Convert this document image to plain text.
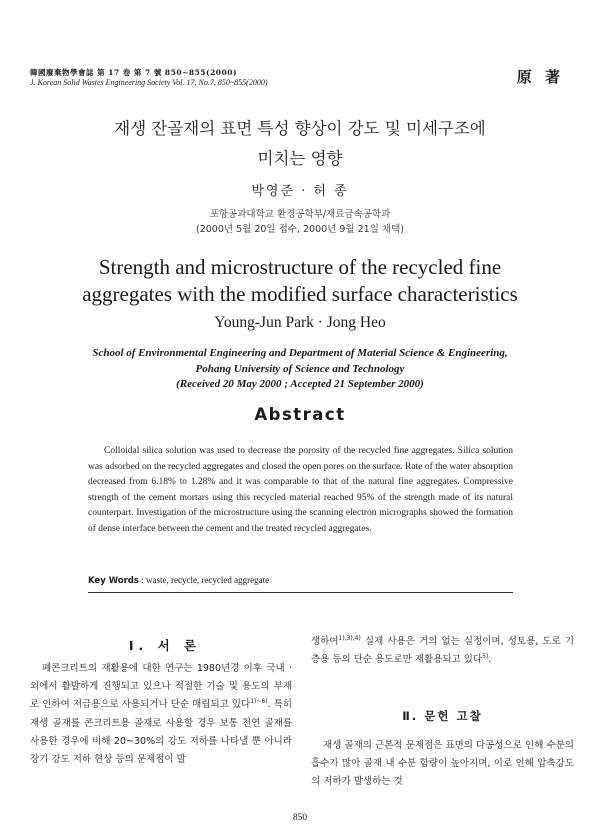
韓國廢棄物學會誌 第 17 卷 第 7 號 850~855(2000)
J. Korean Solid Wastes Engineering Society Vol. 17, No.7, 850~855(2000)	原 著
재생 잔골재의 표면 특성 향상이 강도 및 미세구조에
미치는 영향
박영준 · 허 종
포항공과대학교 환경공학부/재료금속공학과
(2000년 5월 20일 접수, 2000년 9월 21일 채택)
Strength and microstructure of the recycled fine
aggregates with the modified surface characteristics
Young-Jun Park · Jong Heo
School of Environmental Engineering and Department of Material Science & Engineering,
Pohang University of Science and Technology
(Received 20 May 2000 ; Accepted 21 September 2000)
Abstract
Colloidal silica solution was used to decrease the porosity of the recycled fine aggregates. Silica solution was adsorbed on the recycled aggregates and closed the open pores on the surface. Rate of the water absorption decreased from 6.18% to 1.28% and it was comparable to that of the natural fine aggregates. Compressive strength of the cement mortars using this recycled material reached 95% of the strength made of its natural counterpart. Investigation of the microstructure using the scanning electron micrographs showed the formation of dense interface between the cement and the treated recycled aggregates.
Key Words : waste, recycle, recycled aggregate
Ⅰ. 서 론
폐콘크리트의 재활용에 대한 연구는 1980년경 이후 국내 · 외에서 활발하게 진행되고 있으나 적절한 기술 및 용도의 부재로 인하여 저급용으로 사용되거나 단순 매립되고 있다$^{1)\sim 6)}$. 특히 재생 골재를 콘크리트용 골재로 사용할 경우 보통 천연 골재를 사용한 경우에 비해 20~30%의 강도 저하를 나타낼 뿐 아니라 장기 강도 저하 현상 등의 문제점이 발
생하여$^{1),3),4)}$ 실제 사용은 거의 없는 실정이며, 성토용, 도로 기층용 등의 단순 용도로만 재활용되고 있다$^{5)}$.
Ⅱ. 문헌 고찰
재생 골재의 근본적 문제점은 표면의 다공성으로 인해 수분의 흡수가 많아 골재 내 수분 함량이 높아지며, 이로 인해 압축강도의 저하가 발생하는 것
850
